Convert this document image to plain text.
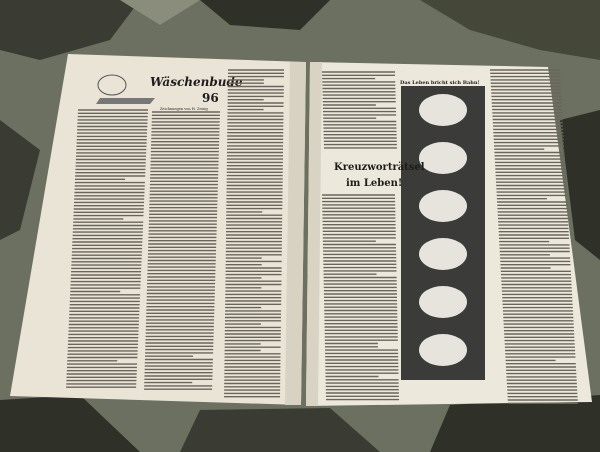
Wäschenbude
96
Zeichnungen von H. Zeisig
Das Leben bricht sich Bahn!
Kreuzworträtsel
im Leben!
